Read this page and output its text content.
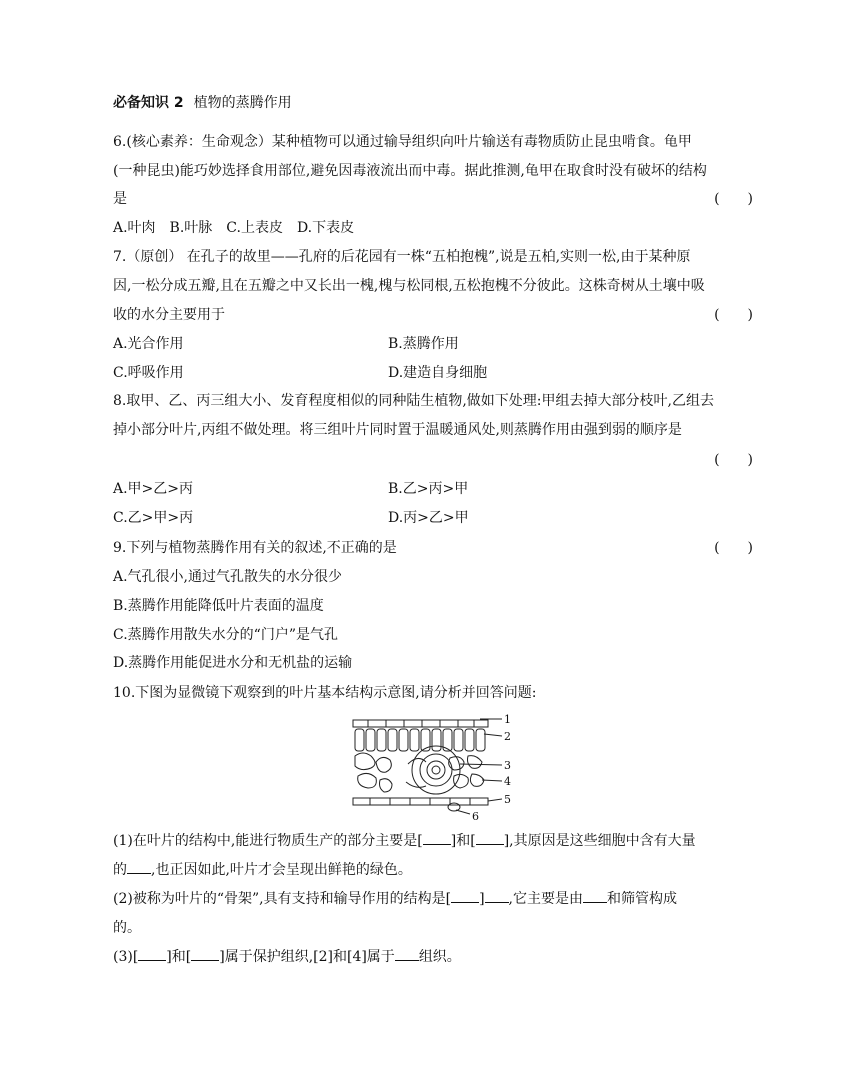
必备知识 2 植物的蒸腾作用
6.(核心素养：生命观念）某种植物可以通过输导组织向叶片输送有毒物质防止昆虫啃食。龟甲
(一种昆虫)能巧妙选择食用部位,避免因毒液流出而中毒。据此推测,龟甲在取食时没有破坏的结构
是	(　　)
A.叶肉　B.叶脉　C.上表皮　D.下表皮
7.（原创） 在孔子的故里——孔府的后花园有一株“五柏抱槐”,说是五柏,实则一松,由于某种原
因,一松分成五瓣,且在五瓣之中又长出一槐,槐与松同根,五松抱槐不分彼此。这株奇树从土壤中吸
收的水分主要用于	(　　)
A.光合作用	B.蒸腾作用
C.呼吸作用	D.建造自身细胞
8.取甲、乙、丙三组大小、发育程度相似的同种陆生植物,做如下处理:甲组去掉大部分枝叶,乙组去
掉小部分叶片,丙组不做处理。将三组叶片同时置于温暖通风处,则蒸腾作用由强到弱的顺序是
(　　)
A.甲>乙>丙	B.乙>丙>甲
C.乙>甲>丙	D.丙>乙>甲
9.下列与植物蒸腾作用有关的叙述,不正确的是	(　　)
A.气孔很小,通过气孔散失的水分很少
B.蒸腾作用能降低叶片表面的温度
C.蒸腾作用散失水分的“门户”是气孔
D.蒸腾作用能促进水分和无机盐的运输
10.下图为显微镜下观察到的叶片基本结构示意图,请分析并回答问题:
1
2
3
4
5
6
(1)在叶片的结构中,能进行物质生产的部分主要是[ ]和[ ],其原因是这些细胞中含有大量
的 ,也正因如此,叶片才会呈现出鲜艳的绿色。
(2)被称为叶片的“骨架”,具有支持和输导作用的结构是[ ] ,它主要是由 和筛管构成
的。
(3)[ ]和[ ]属于保护组织,[2]和[4]属于 组织。
